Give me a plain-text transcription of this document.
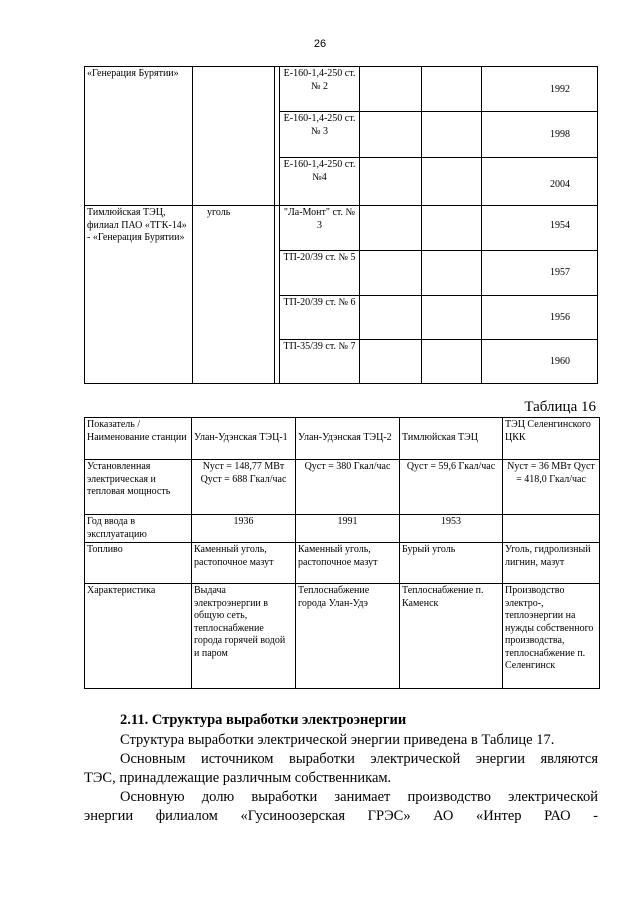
26
«Генерация Бурятии»			Е-160-1,4-250 ст. № 2			1992
			Е-160-1,4-250 ст. № 3			1998
			Е-160-1,4-250 ст. №4			2004
Тимлюйская ТЭЦ, филиал ПАО «ТГК-14» - «Генерация Бурятии»	уголь		"Ла-Монт" ст. № 3			1954
			ТП-20/39 ст. № 5			1957
			ТП-20/39 ст. № 6			1956
			ТП-35/39 ст. № 7			1960
Таблица 16
Показатель / Наименование станции	Улан-Удэнская ТЭЦ-1	Улан-Удэнская ТЭЦ-2	Тимлюйская ТЭЦ	ТЭЦ Селенгинского ЦКК
Установленная электрическая и тепловая мощность	Nуст = 148,77 МВт Qуст = 688 Гкал/час	Qуст = 380 Гкал/час	Qуст = 59,6 Гкал/час	Nуст = 36 МВт Qуст = 418,0 Гкал/час
Год ввода в эксплуатацию	1936	1991	1953	
Топливо	Каменный уголь, растопочное мазут	Каменный уголь, растопочное мазут	Бурый уголь	Уголь, гидролизный лигнин, мазут
Характеристика	Выдача электроэнергии в общую сеть, теплоснабжение города горячей водой и паром	Теплоснабжение города Улан-Удэ	Теплоснабжение п. Каменск	Производство электро-, теплоэнергии на нужды собственного производства, теплоснабжение п. Селенгинск
2.11. Структура выработки электроэнергии
Структура выработки электрической энергии приведена в Таблице 17.
Основным источником выработки электрической энергии являются
ТЭС, принадлежащие различным собственникам.
Основную долю выработки занимает производство электрической
энергии филиалом «Гусиноозерская ГРЭС» АО «Интер РАО -
